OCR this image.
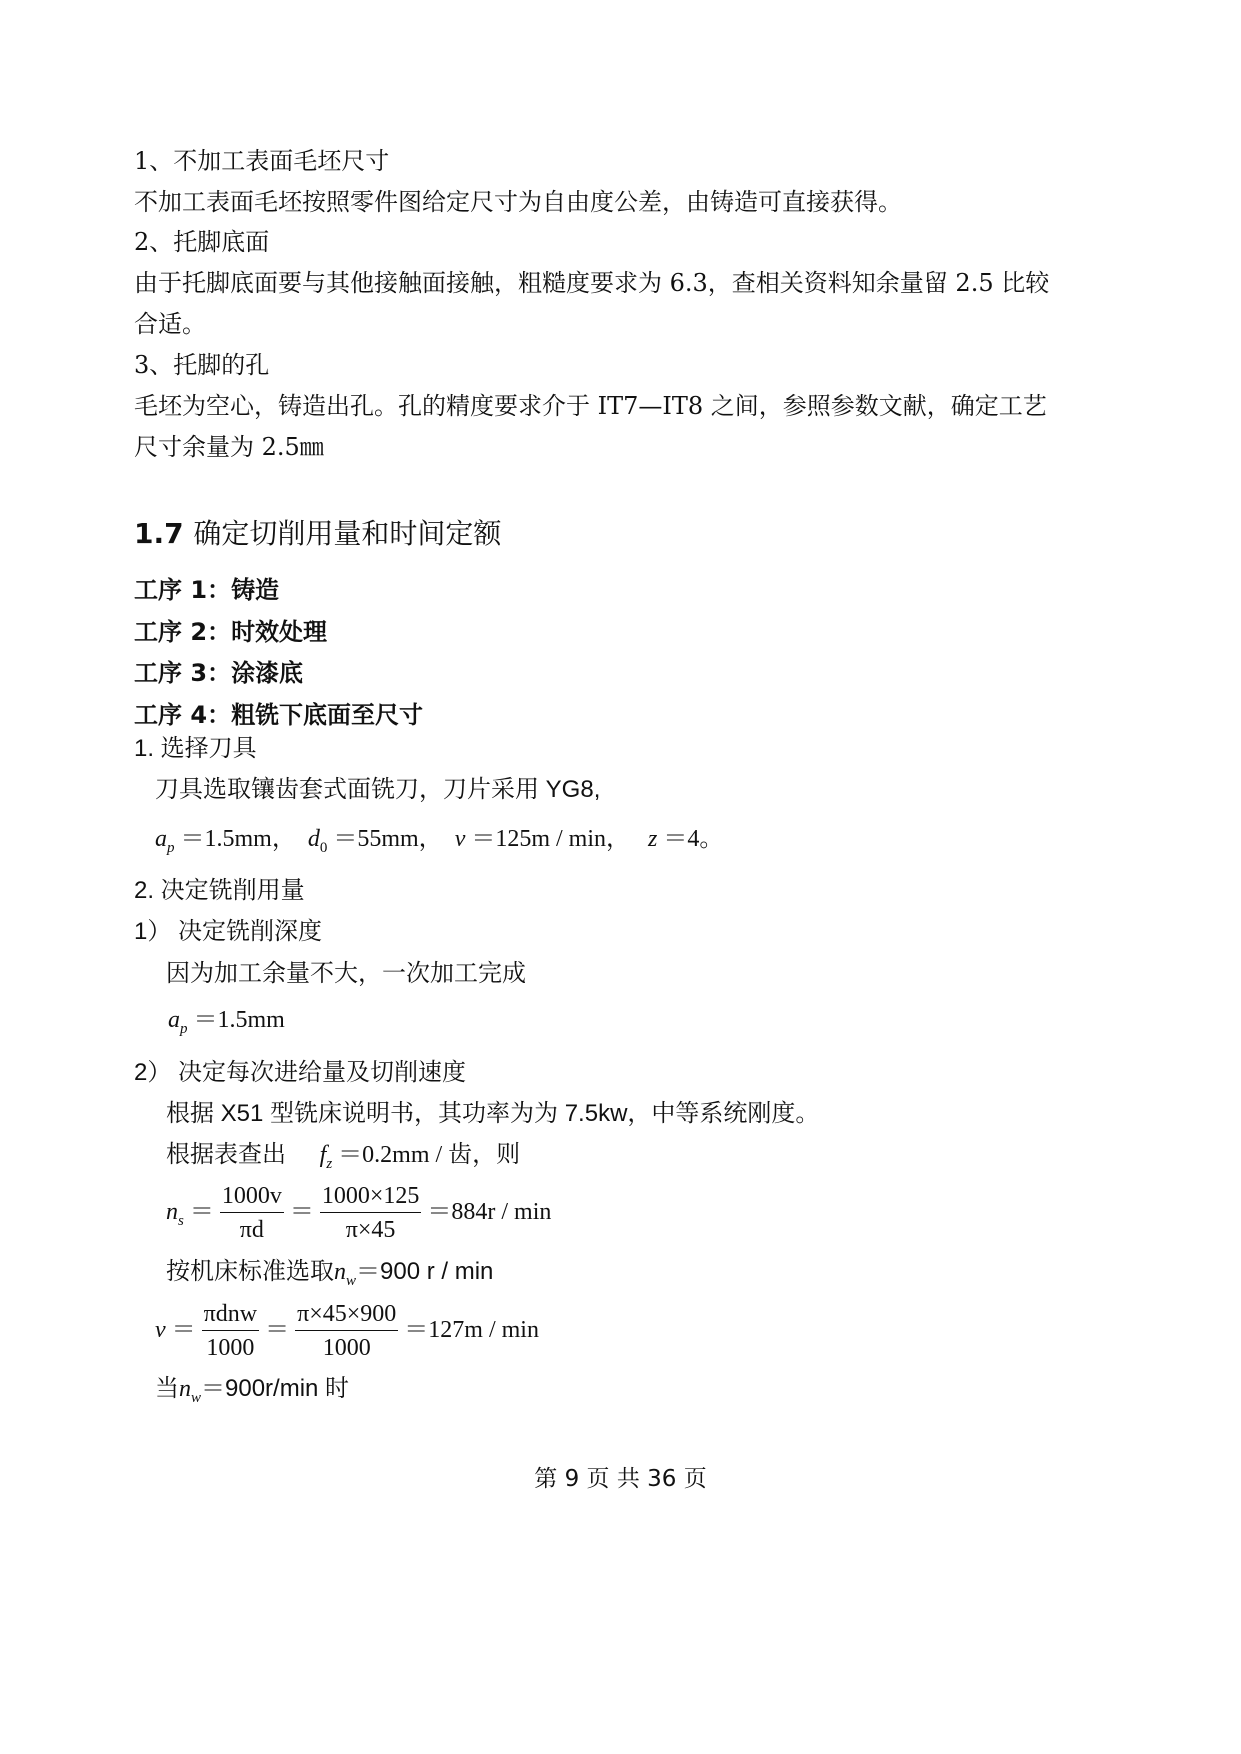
1、不加工表面毛坯尺寸
不加工表面毛坯按照零件图给定尺寸为自由度公差，由铸造可直接获得。
2、托脚底面
由于托脚底面要与其他接触面接触，粗糙度要求为 6.3，查相关资料知余量留 2.5 比较
合适。
3、托脚的孔
毛坯为空心，铸造出孔。孔的精度要求介于 IT7—IT8 之间，参照参数文献，确定工艺
尺寸余量为 2.5㎜
1.7 确定切削用量和时间定额
工序 1：铸造
工序 2：时效处理
工序 3：涂漆底
工序 4：粗铣下底面至尺寸
1. 选择刀具
刀具选取镶齿套式面铣刀，刀片采用 YG8,
$a_p =1.5mm$， $d_0 =55mm$， v ＝125m / min， z ＝4。
2. 决定铣削用量
1） 决定铣削深度
因为加工余量不大，一次加工完成
$a_p =1.5mm$
2） 决定每次进给量及切削速度
根据 X51 型铣床说明书，其功率为为 7.5kw，中等系统刚度。
根据表查出 $f_z =0.2mm$ / 齿，则
$n_s = \frac{1000v}{\pi d} = \frac{1000\times 125}{\pi\times 45} =884r / \min$
按机床标准选取$n_w=900$ r / min
$v = \frac{\text{πdnw}}{1000} = \frac{\pi\times 45\times 900}{1000} =127m / \min$
当$n_w=900r/\min$ 时
第 9 页 共 36 页
